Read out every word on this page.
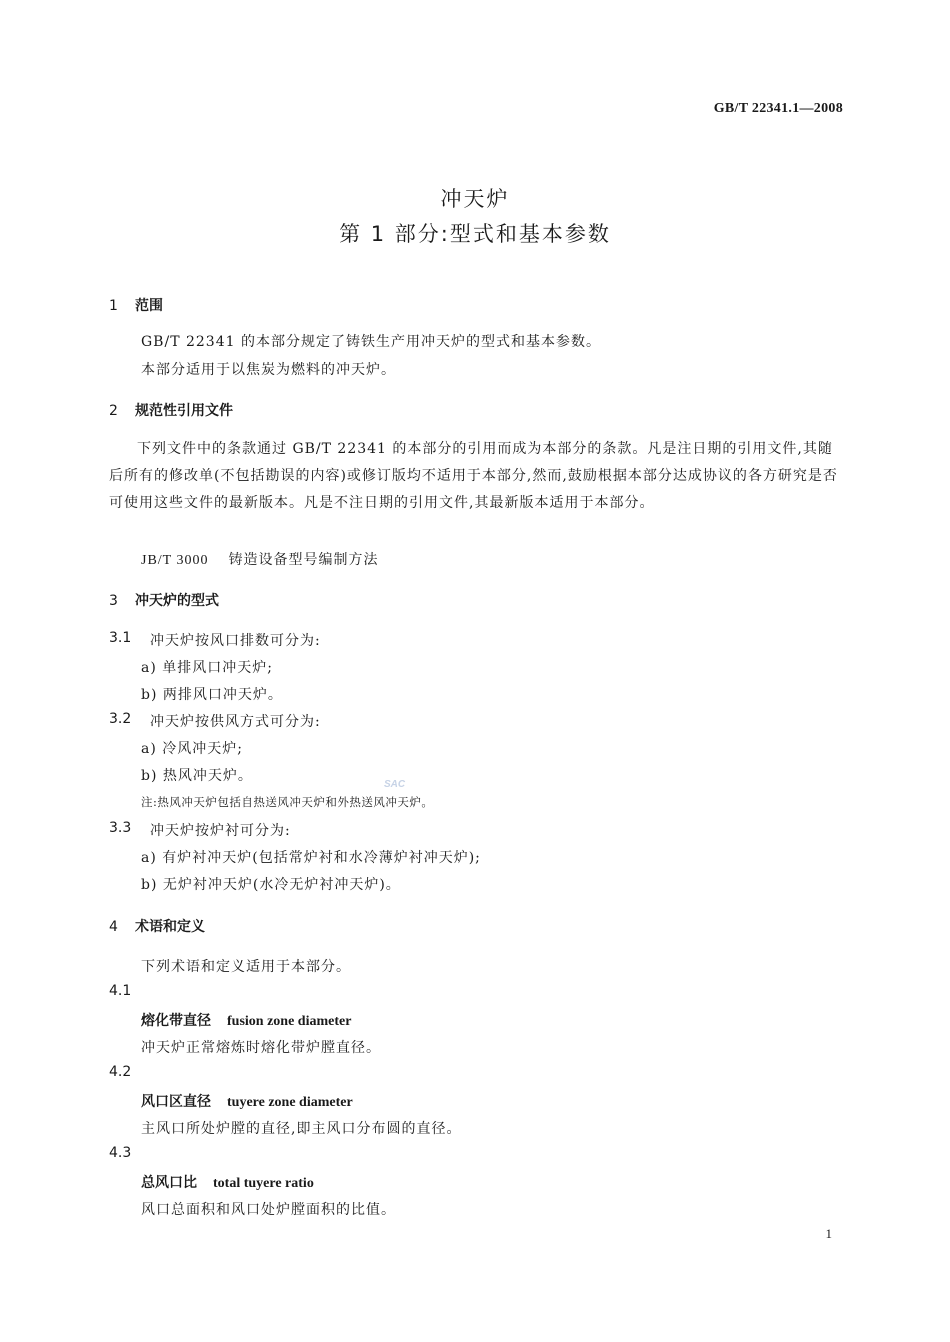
GB/T 22341.1—2008
冲天炉
第 1 部分:型式和基本参数
1 范围
GB/T 22341 的本部分规定了铸铁生产用冲天炉的型式和基本参数。
本部分适用于以焦炭为燃料的冲天炉。
2 规范性引用文件
下列文件中的条款通过 GB/T 22341 的本部分的引用而成为本部分的条款。凡是注日期的引用文件,其随后所有的修改单(不包括勘误的内容)或修订版均不适用于本部分,然而,鼓励根据本部分达成协议的各方研究是否可使用这些文件的最新版本。凡是不注日期的引用文件,其最新版本适用于本部分。
JB/T 3000 铸造设备型号编制方法
3 冲天炉的型式
3.1 冲天炉按风口排数可分为:
a) 单排风口冲天炉;
b) 两排风口冲天炉。
3.2 冲天炉按供风方式可分为:
a) 冷风冲天炉;
b) 热风冲天炉。
SAC
注:热风冲天炉包括自热送风冲天炉和外热送风冲天炉。
3.3 冲天炉按炉衬可分为:
a) 有炉衬冲天炉(包括常炉衬和水冷薄炉衬冲天炉);
b) 无炉衬冲天炉(水冷无炉衬冲天炉)。
4 术语和定义
下列术语和定义适用于本部分。
4.1
熔化带直径 fusion zone diameter
冲天炉正常熔炼时熔化带炉膛直径。
4.2
风口区直径 tuyere zone diameter
主风口所处炉膛的直径,即主风口分布圆的直径。
4.3
总风口比 total tuyere ratio
风口总面积和风口处炉膛面积的比值。
1
